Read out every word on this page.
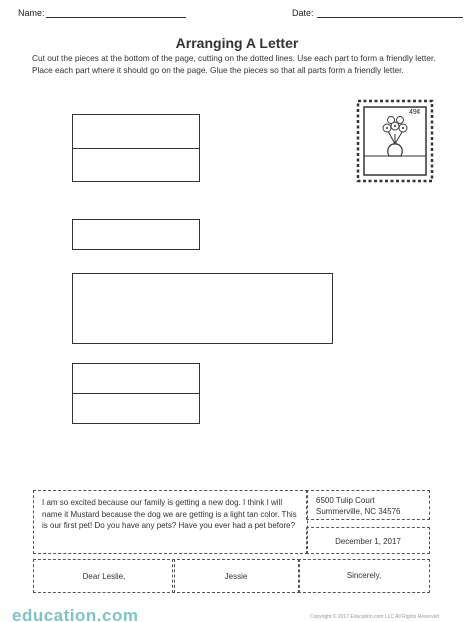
Name:	Date:
Arranging A Letter
Cut out the pieces at the bottom of the page, cutting on the dotted lines. Use each part to form a friendly letter. Place each part where it should go on the page. Glue the pieces so that all parts form a friendly letter.
49¢
I am so excited because our family is getting a new dog. I think I will name it Mustard because the dog we are getting is a light tan color. This is our first pet! Do you have any pets? Have you ever had a pet before?
6500 Tulip Court
Summerville, NC 34576
December 1, 2017
Dear Leslie,	Jessie	Sincerely,
education.com	Copyright © 2017 Education.com LLC All Rights Reserved
